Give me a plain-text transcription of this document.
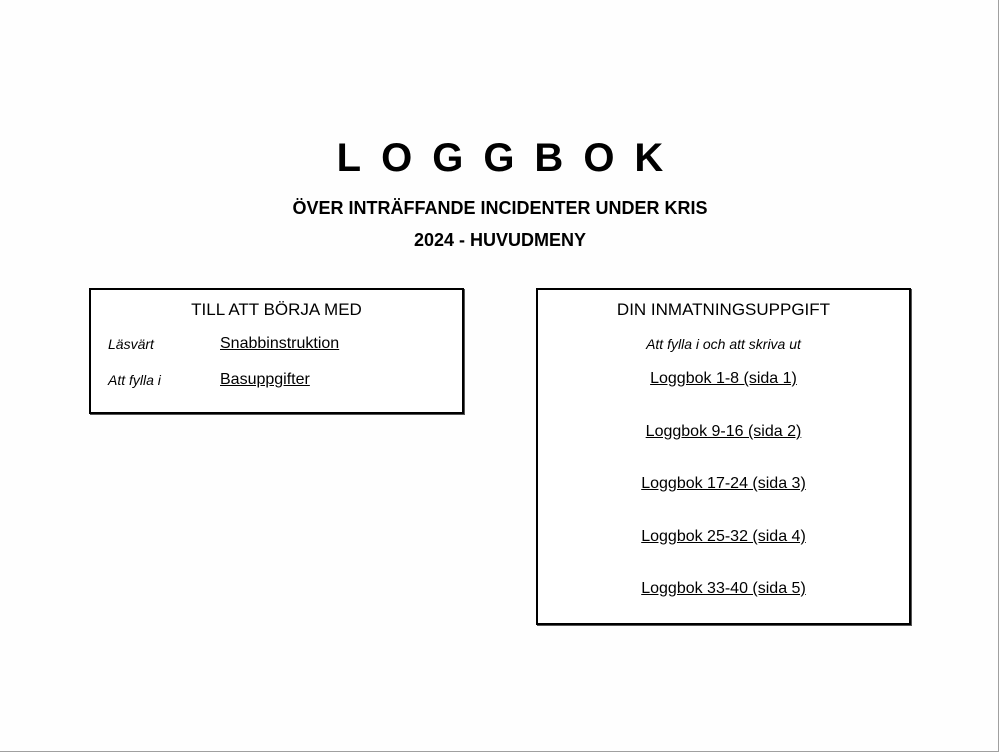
LOGGBOK
ÖVER INTRÄFFANDE INCIDENTER UNDER KRIS
2024 - HUVUDMENY
TILL ATT BÖRJA MED
Läsvärt	Snabbinstruktion
Att fylla i	Basuppgifter
DIN INMATNINGSUPPGIFT
Att fylla i och att skriva ut
Loggbok 1-8 (sida 1)
Loggbok 9-16 (sida 2)
Loggbok 17-24 (sida 3)
Loggbok 25-32 (sida 4)
Loggbok 33-40 (sida 5)
